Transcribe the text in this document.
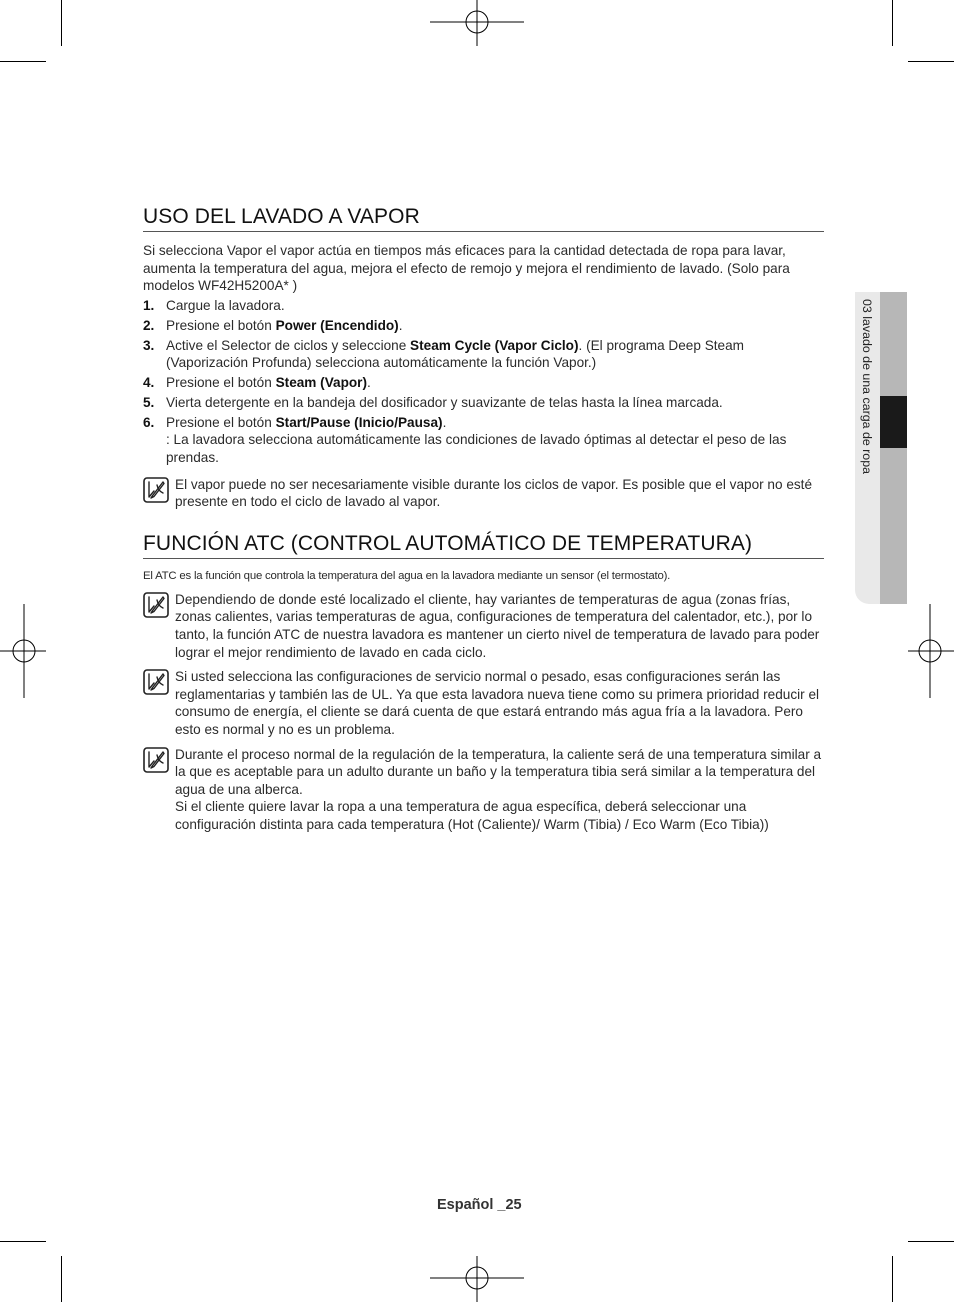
03 lavado de una carga de ropa
USO DEL LAVADO A VAPOR
Si selecciona Vapor el vapor actúa en tiempos más eficaces para la cantidad detectada de ropa para lavar, aumenta la temperatura del agua, mejora el efecto de remojo y mejora el rendimiento de lavado. (Solo para modelos WF42H5200A* )
1. Cargue la lavadora.
2. Presione el botón Power (Encendido).
3. Active el Selector de ciclos y seleccione Steam Cycle (Vapor Ciclo). (El programa Deep Steam (Vaporización Profunda) selecciona automáticamente la función Vapor.)
4. Presione el botón Steam (Vapor).
5. Vierta detergente en la bandeja del dosificador y suavizante de telas hasta la línea marcada.
6. Presione el botón Start/Pause (Inicio/Pausa).
: La lavadora selecciona automáticamente las condiciones de lavado óptimas al detectar el peso de las prendas.
El vapor puede no ser necesariamente visible durante los ciclos de vapor. Es posible que el vapor no esté presente en todo el ciclo de lavado al vapor.
FUNCIÓN ATC (CONTROL AUTOMÁTICO DE TEMPERATURA)
El ATC es la función que controla la temperatura del agua en la lavadora mediante un sensor (el termostato).
Dependiendo de donde esté localizado el cliente, hay variantes de temperaturas de agua (zonas frías, zonas calientes, varias temperaturas de agua, configuraciones de temperatura del calentador, etc.), por lo tanto, la función ATC de nuestra lavadora es mantener un cierto nivel de temperatura de lavado para poder lograr el mejor rendimiento de lavado en cada ciclo.
Si usted selecciona las configuraciones de servicio normal o pesado, esas configuraciones serán las reglamentarias y también las de UL. Ya que esta lavadora nueva tiene como su primera prioridad reducir el consumo de energía, el cliente se dará cuenta de que estará entrando más agua fría a la lavadora. Pero esto es normal y no es un problema.
Durante el proceso normal de la regulación de la temperatura, la caliente será de una temperatura similar a la que es aceptable para un adulto durante un baño y la temperatura tibia será similar a la temperatura del agua de una alberca.
Si el cliente quiere lavar la ropa a una temperatura de agua específica, deberá seleccionar una configuración distinta para cada temperatura (Hot (Caliente)/ Warm (Tibia) / Eco Warm (Eco Tibia))
Español _25
